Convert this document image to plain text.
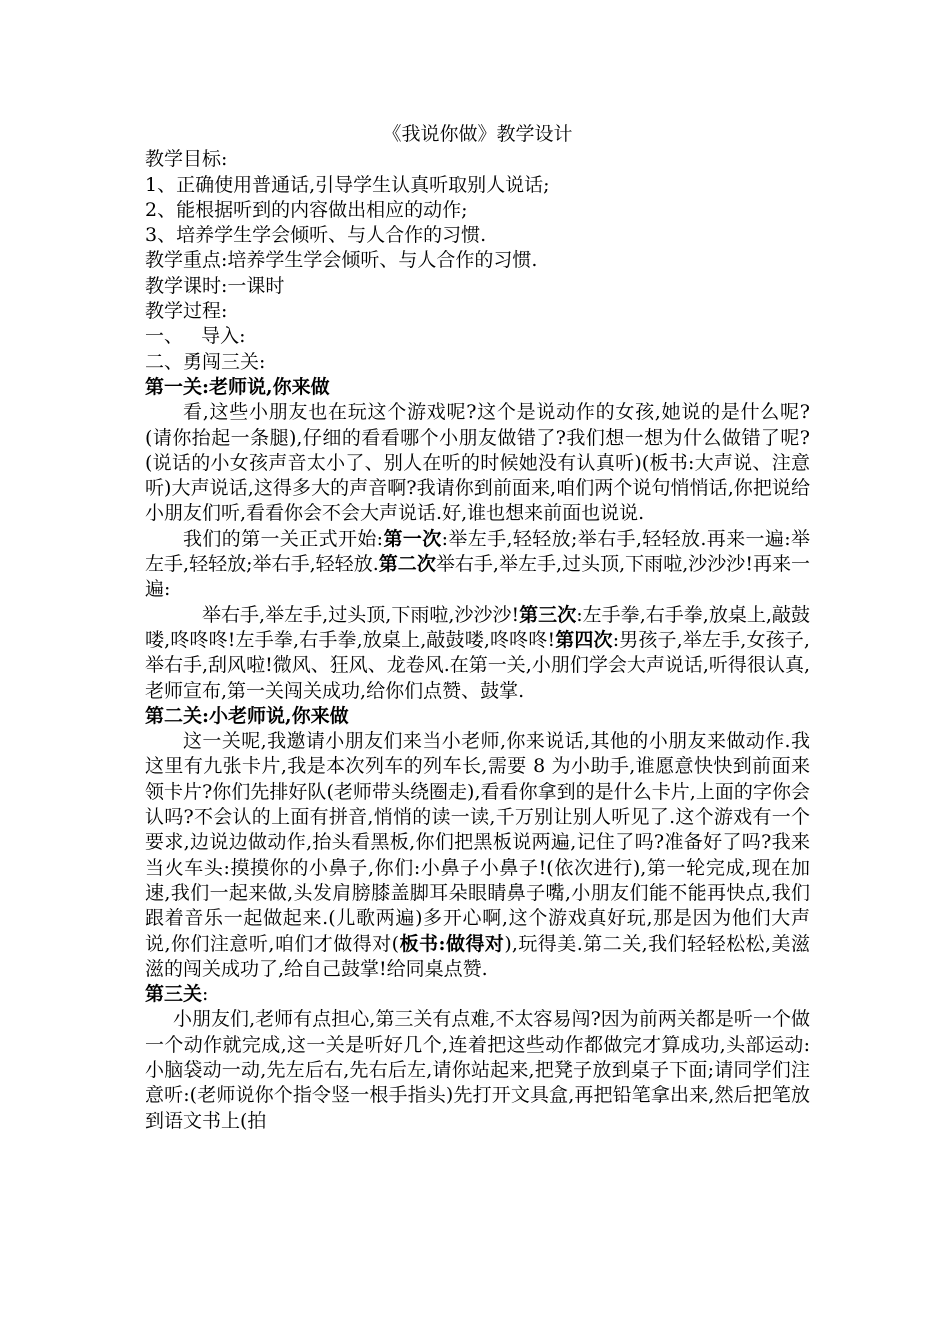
《我说你做》教学设计

教学目标:

1、正确使用普通话,引导学生认真听取别人说话;

2、能根据听到的内容做出相应的动作;

3、培养学生学会倾听、与人合作的习惯.

教学重点:培养学生学会倾听、与人合作的习惯.

教学课时:一课时

教学过程:

一、   导入:

二、勇闯三关:

第一关:老师说,你来做

看,这些小朋友也在玩这个游戏呢?这个是说动作的女孩,她说的是什么呢?(请你抬起一条腿),仔细的看看哪个小朋友做错了?我们想一想为什么做错了呢?(说话的小女孩声音太小了、别人在听的时候她没有认真听)(板书:大声说、注意听)大声说话,这得多大的声音啊?我请你到前面来,咱们两个说句悄悄话,你把说给小朋友们听,看看你会不会大声说话.好,谁也想来前面也说说.

我们的第一关正式开始:第一次:举左手,轻轻放;举右手,轻轻放.再来一遍:举左手,轻轻放;举右手,轻轻放.第二次举右手,举左手,过头顶,下雨啦,沙沙沙!再来一遍:

举右手,举左手,过头顶,下雨啦,沙沙沙!第三次:左手拳,右手拳,放桌上,敲鼓喽,咚咚咚!左手拳,右手拳,放桌上,敲鼓喽,咚咚咚!第四次:男孩子,举左手,女孩子,举右手,刮风啦!微风、狂风、龙卷风.在第一关,小朋们学会大声说话,听得很认真,老师宣布,第一关闯关成功,给你们点赞、鼓掌.

第二关:小老师说,你来做

这一关呢,我邀请小朋友们来当小老师,你来说话,其他的小朋友来做动作.我这里有九张卡片,我是本次列车的列车长,需要 8 为小助手,谁愿意快快到前面来领卡片?你们先排好队(老师带头绕圈走),看看你拿到的是什么卡片,上面的字你会认吗?不会认的上面有拼音,悄悄的读一读,千万别让别人听见了.这个游戏有一个要求,边说边做动作,抬头看黑板,你们把黑板说两遍,记住了吗?准备好了吗?我来当火车头:摸摸你的小鼻子,你们:小鼻子小鼻子!(依次进行),第一轮完成,现在加速,我们一起来做,头发肩膀膝盖脚耳朵眼睛鼻子嘴,小朋友们能不能再快点,我们跟着音乐一起做起来.(儿歌两遍)多开心啊,这个游戏真好玩,那是因为他们大声说,你们注意听,咱们才做得对(板书:做得对),玩得美.第二关,我们轻轻松松,美滋滋的闯关成功了,给自己鼓掌!给同桌点赞.

第三关:

小朋友们,老师有点担心,第三关有点难,不太容易闯?因为前两关都是听一个做一个动作就完成,这一关是听好几个,连着把这些动作都做完才算成功,头部运动:小脑袋动一动,先左后右,先右后左,请你站起来,把凳子放到桌子下面;请同学们注意听:(老师说你个指令竖一根手指头)先打开文具盒,再把铅笔拿出来,然后把笔放到语文书上(拍
